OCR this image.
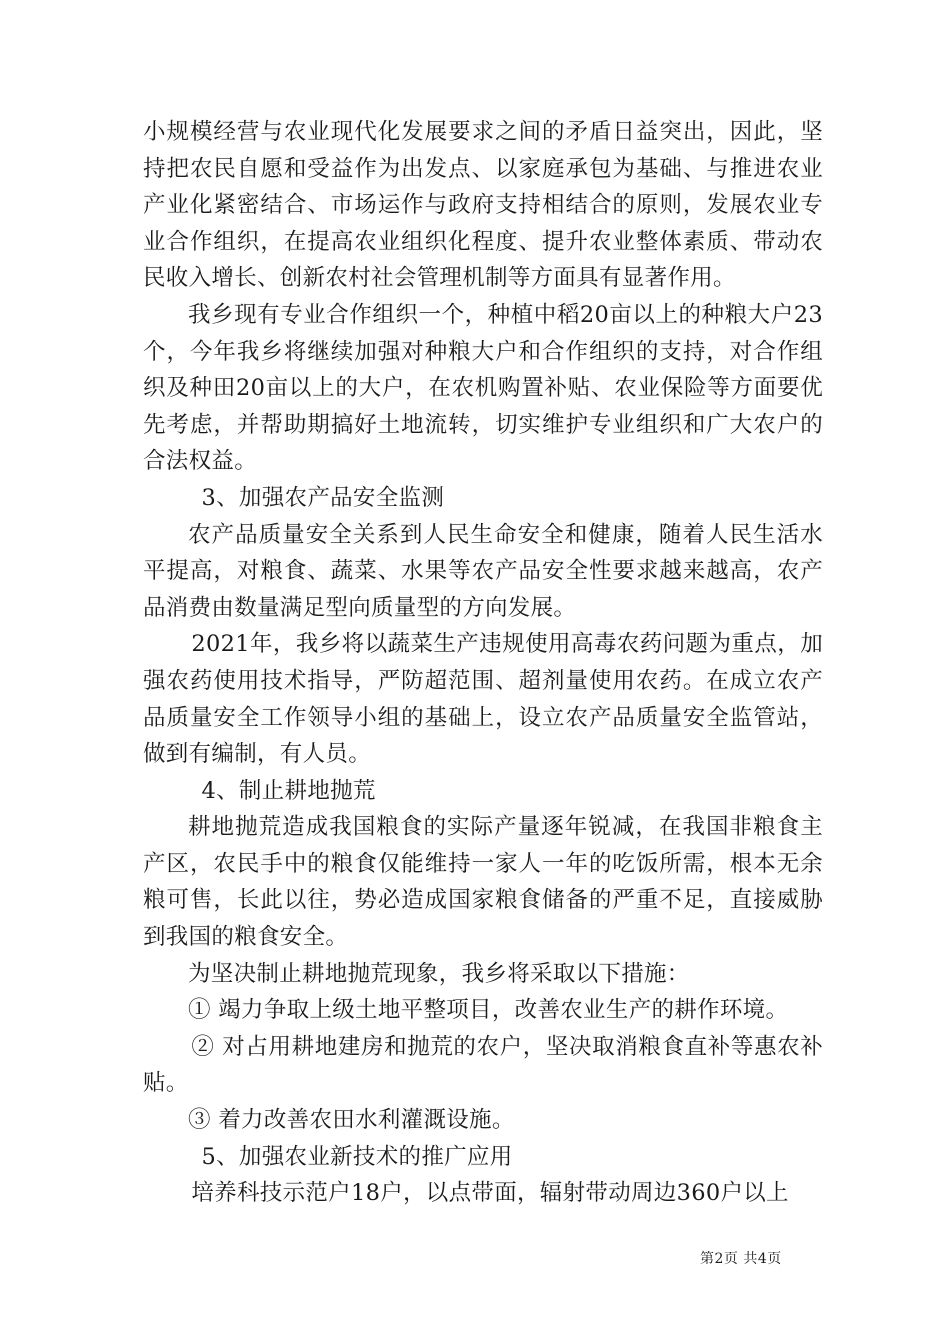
小规模经营与农业现代化发展要求之间的矛盾日益突出，因此，坚持把农民自愿和受益作为出发点、以家庭承包为基础、与推进农业产业化紧密结合、市场运作与政府支持相结合的原则，发展农业专业合作组织，在提高农业组织化程度、提升农业整体素质、带动农民收入增长、创新农村社会管理机制等方面具有显著作用。

我乡现有专业合作组织一个，种植中稻20亩以上的种粮大户23个，今年我乡将继续加强对种粮大户和合作组织的支持，对合作组织及种田20亩以上的大户，在农机购置补贴、农业保险等方面要优先考虑，并帮助期搞好土地流转，切实维护专业组织和广大农户的合法权益。

3、加强农产品安全监测

农产品质量安全关系到人民生命安全和健康，随着人民生活水平提高，对粮食、蔬菜、水果等农产品安全性要求越来越高，农产品消费由数量满足型向质量型的方向发展。

2021年，我乡将以蔬菜生产违规使用高毒农药问题为重点，加强农药使用技术指导，严防超范围、超剂量使用农药。在成立农产品质量安全工作领导小组的基础上，设立农产品质量安全监管站，做到有编制，有人员。

4、制止耕地抛荒

耕地抛荒造成我国粮食的实际产量逐年锐减，在我国非粮食主产区，农民手中的粮食仅能维持一家人一年的吃饭所需，根本无余粮可售，长此以往，势必造成国家粮食储备的严重不足，直接威胁到我国的粮食安全。

为坚决制止耕地抛荒现象，我乡将采取以下措施：

① 竭力争取上级土地平整项目，改善农业生产的耕作环境。

② 对占用耕地建房和抛荒的农户，坚决取消粮食直补等惠农补贴。

③ 着力改善农田水利灌溉设施。

5、加强农业新技术的推广应用

培养科技示范户18户，以点带面，辐射带动周边360户以上

第2页 共4页
